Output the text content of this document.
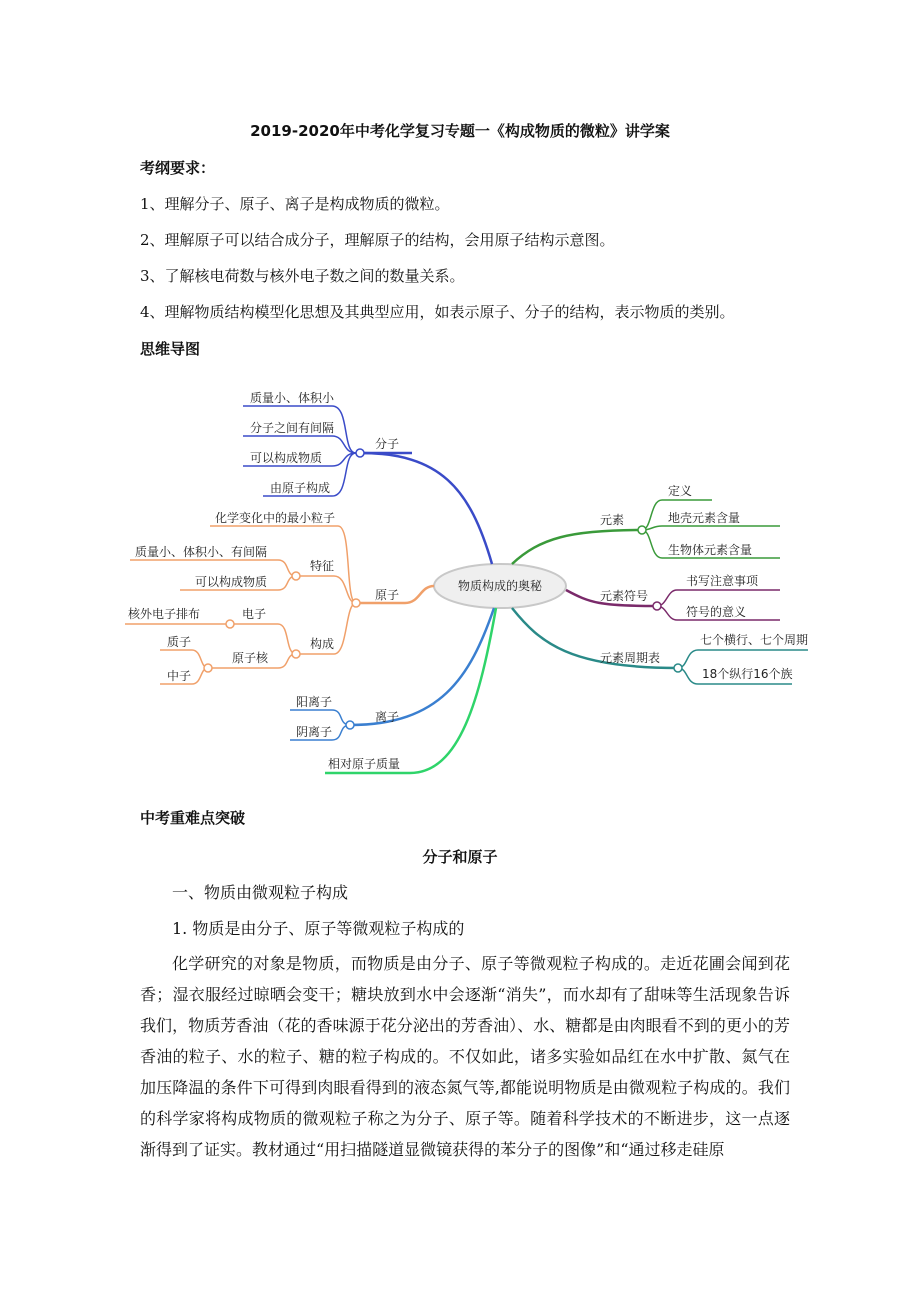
2019-2020年中考化学复习专题一《构成物质的微粒》讲学案
考纲要求：
1、理解分子、原子、离子是构成物质的微粒。
2、理解原子可以结合成分子，理解原子的结构，会用原子结构示意图。
3、了解核电荷数与核外电子数之间的数量关系。
4、理解物质结构模型化思想及其典型应用，如表示原子、分子的结构，表示物质的类别。
思维导图
物质构成的奥秘
分子
质量小、体积小
分子之间有间隔
可以构成物质
由原子构成
原子
化学变化中的最小粒子
特征
质量小、体积小、有间隔
可以构成物质
构成
电子
核外电子排布
原子核
质子
中子
离子
阳离子
阴离子
相对原子质量
元素
定义
地壳元素含量
生物体元素含量
元素符号
书写注意事项
符号的意义
元素周期表
七个横行、七个周期
18个纵行16个族
中考重难点突破
分子和原子
一、物质由微观粒子构成
1. 物质是由分子、原子等微观粒子构成的
化学研究的对象是物质，而物质是由分子、原子等微观粒子构成的。走近花圃会闻到花香；湿衣服经过晾晒会变干；糖块放到水中会逐渐“消失”，而水却有了甜味等生活现象告诉我们，物质芳香油（花的香味源于花分泌出的芳香油）、水、糖都是由肉眼看不到的更小的芳香油的粒子、水的粒子、糖的粒子构成的。不仅如此，诸多实验如品红在水中扩散、氮气在加压降温的条件下可得到肉眼看得到的液态氮气等,都能说明物质是由微观粒子构成的。我们的科学家将构成物质的微观粒子称之为分子、原子等。随着科学技术的不断进步，这一点逐渐得到了证实。教材通过“用扫描隧道显微镜获得的苯分子的图像”和“通过移走硅原
